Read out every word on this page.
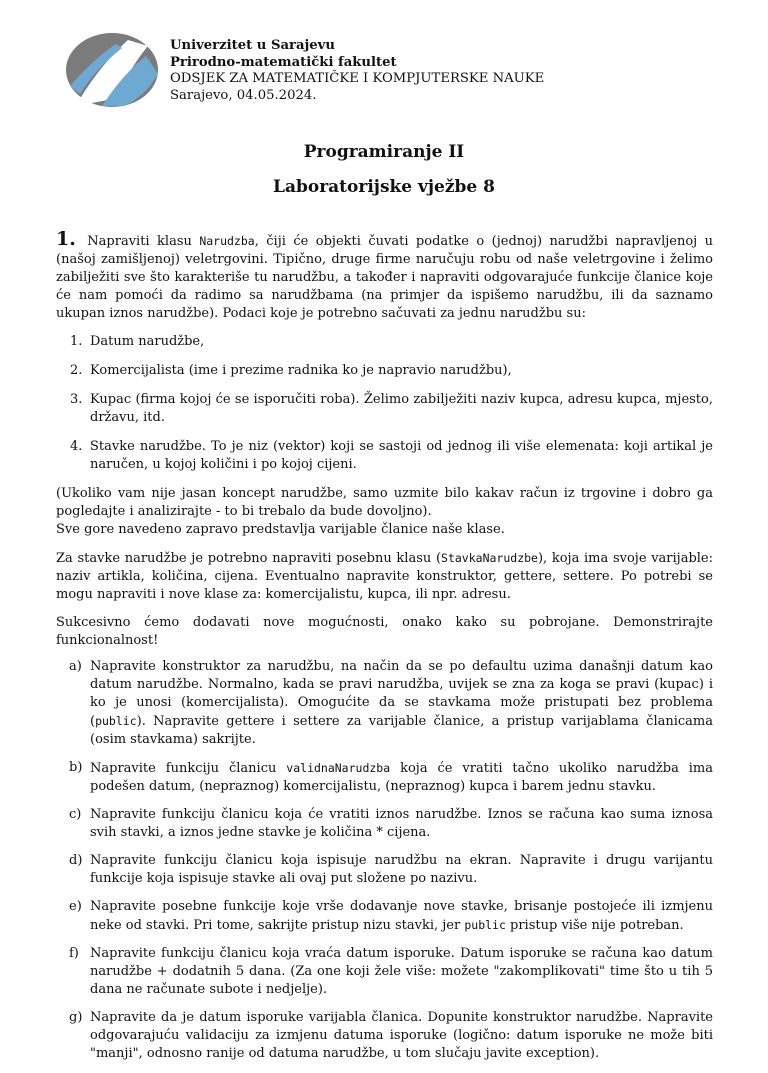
Univerzitet u Sarajevu
Prirodno-matematički fakultet
ODSJEK ZA MATEMATIČKE I KOMPJUTERSKE NAUKE
Sarajevo, 04.05.2024.
Programiranje II
Laboratorijske vježbe 8

1. Napraviti klasu Narudzba, čiji će objekti čuvati podatke o (jednoj) narudžbi napravljenoj u (našoj zamišljenoj) veletrgovini. Tipično, druge firme naručuju robu od naše veletrgovine i želimo zabilježiti sve što karakteriše tu narudžbu, a također i napraviti odgovarajuće funkcije članice koje će nam pomoći da radimo sa narudžbama (na primjer da ispišemo narudžbu, ili da saznamo ukupan iznos narudžbe). Podaci koje je potrebno sačuvati za jednu narudžbu su:

1. Datum narudžbe,
2. Komercijalista (ime i prezime radnika ko je napravio narudžbu),
3. Kupac (firma kojoj će se isporučiti roba). Želimo zabilježiti naziv kupca, adresu kupca, mjesto, državu, itd.
4. Stavke narudžbe. To je niz (vektor) koji se sastoji od jednog ili više elemenata: koji artikal je naručen, u kojoj količini i po kojoj cijeni.

(Ukoliko vam nije jasan koncept narudžbe, samo uzmite bilo kakav račun iz trgovine i dobro ga pogledajte i analizirajte - to bi trebalo da bude dovoljno).
Sve gore navedeno zapravo predstavlja varijable članice naše klase.

Za stavke narudžbe je potrebno napraviti posebnu klasu (StavkaNarudzbe), koja ima svoje varijable: naziv artikla, količina, cijena. Eventualno napravite konstruktor, gettere, settere. Po potrebi se mogu napraviti i nove klase za: komercijalistu, kupca, ili npr. adresu.

Sukcesivno ćemo dodavati nove mogućnosti, onako kako su pobrojane. Demonstrirajte funkcionalnost!

a) Napravite konstruktor za narudžbu, na način da se po defaultu uzima današnji datum kao datum narudžbe. Normalno, kada se pravi narudžba, uvijek se zna za koga se pravi (kupac) i ko je unosi (komercijalista). Omogućite da se stavkama može pristupati bez problema (public). Napravite gettere i settere za varijable članice, a pristup varijablama članicama (osim stavkama) sakrijte.
b) Napravite funkciju članicu validnaNarudzba koja će vratiti tačno ukoliko narudžba ima podešen datum, (nepraznog) komercijalistu, (nepraznog) kupca i barem jednu stavku.
c) Napravite funkciju članicu koja će vratiti iznos narudžbe. Iznos se računa kao suma iznosa svih stavki, a iznos jedne stavke je količina * cijena.
d) Napravite funkciju članicu koja ispisuje narudžbu na ekran. Napravite i drugu varijantu funkcije koja ispisuje stavke ali ovaj put složene po nazivu.
e) Napravite posebne funkcije koje vrše dodavanje nove stavke, brisanje postojeće ili izmjenu neke od stavki. Pri tome, sakrijte pristup nizu stavki, jer public pristup više nije potreban.
f) Napravite funkciju članicu koja vraća datum isporuke. Datum isporuke se računa kao datum narudžbe + dodatnih 5 dana. (Za one koji žele više: možete "zakomplikovati" time što u tih 5 dana ne računate subote i nedjelje).
g) Napravite da je datum isporuke varijabla članica. Dopunite konstruktor narudžbe. Napravite odgovarajuću validaciju za izmjenu datuma isporuke (logično: datum isporuke ne može biti "manji", odnosno ranije od datuma narudžbe, u tom slučaju javite exception).
